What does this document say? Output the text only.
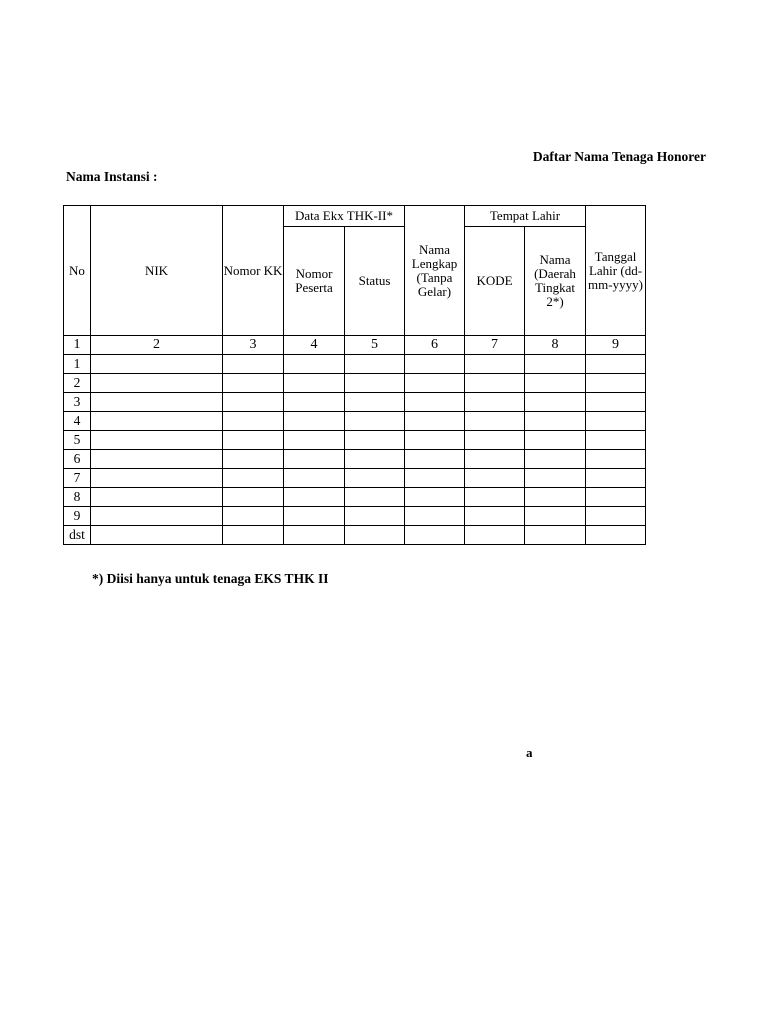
Daftar Nama Tenaga Honorer
Nama Instansi :
No	NIK	Nomor KK	Data Ekx THK-II*		Nama Lengkap (Tanpa Gelar)	Tempat Lahir		Tanggal Lahir (dd-mm-yyyy)
			Nomor Peserta	Status		KODE	Nama (Daerah Tingkat 2*)	
1	2	3	4	5	6	7	8	9
1								
2								
3								
4								
5								
6								
7								
8								
9								
dst								
*) Diisi hanya untuk tenaga EKS THK II
a
